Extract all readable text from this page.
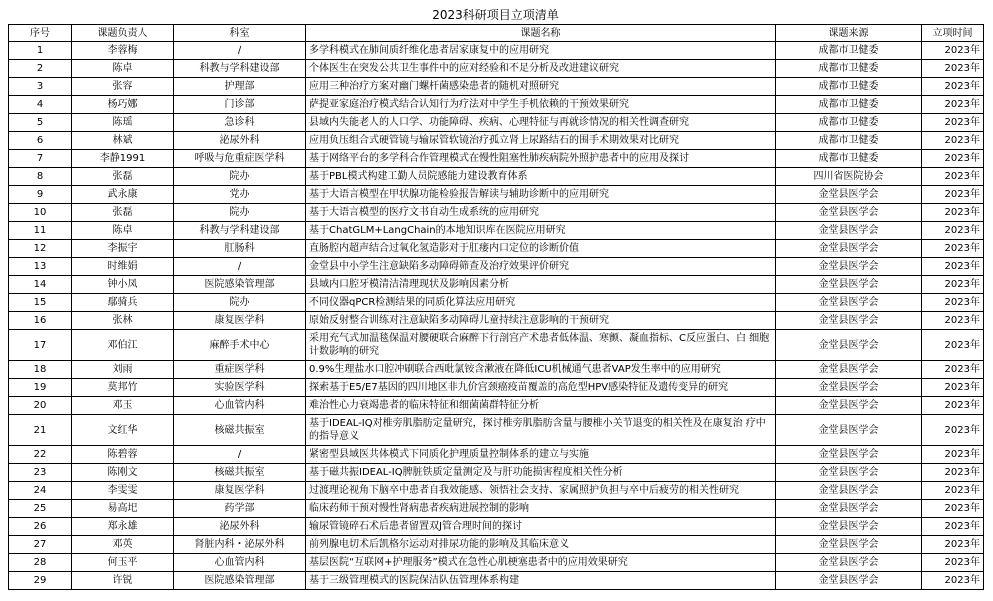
2023科研项目立项清单
序号	课题负责人	科室	课题名称	课题来源	立项时间
1	李蓉梅	/	多学科模式在肺间质纤维化患者居家康复中的应用研究	成都市卫健委	2023年
2	陈卓	科教与学科建设部	个体医生在突发公共卫生事件中的应对经验和不足分析及改进建议研究	成都市卫健委	2023年
3	张容	护理部	应用三种治疗方案对幽门螺杆菌感染患者的随机对照研究	成都市卫健委	2023年
4	杨巧娜	门诊部	萨提亚家庭治疗模式结合认知行为疗法对中学生手机依赖的干预效果研究	成都市卫健委	2023年
5	陈瑶	急诊科	县域内失能老人的人口学、功能障碍、疾病、心理特征与再就诊情况的相关性调查研究	成都市卫健委	2023年
6	林斌	泌尿外科	应用负压组合式硬管镜与输尿管软镜治疗孤立肾上尿路结石的围手术期效果对比研究	成都市卫健委	2023年
7	李静1991	呼吸与危重症医学科	基于网络平台的多学科合作管理模式在慢性阻塞性肺疾病院外照护患者中的应用及探讨	成都市卫健委	2023年
8	张磊	院办	基于PBL模式构建工勤人员院感能力建设教育体系	四川省医院协会	2023年
9	武永康	党办	基于大语言模型在甲状腺功能检验报告解读与辅助诊断中的应用研究	金堂县医学会	2023年
10	张磊	院办	基于大语言模型的医疗文书自动生成系统的应用研究	金堂县医学会	2023年
11	陈卓	科教与学科建设部	基于ChatGLM+LangChain的本地知识库在医院应用研究	金堂县医学会	2023年
12	李振宇	肛肠科	直肠腔内超声结合过氧化氢造影对于肛瘘内口定位的诊断价值	金堂县医学会	2023年
13	时维娟	/	金堂县中小学生注意缺陷多动障碍筛查及治疗效果评价研究	金堂县医学会	2023年
14	钟小凤	医院感染管理部	县域内口腔牙模清洁清理现状及影响因素分析	金堂县医学会	2023年
15	鄢骑兵	院办	不同仪器qPCR检测结果的同质化算法应用研究	金堂县医学会	2023年
16	张林	康复医学科	原始反射整合训练对注意缺陷多动障碍儿童持续注意影响的干预研究	金堂县医学会	2023年
17	邓伯江	麻醉手术中心	采用充气式加温毯保温对腰硬联合麻醉下行剖宫产术患者低体温、寒颤、凝血指标、C反应蛋白、白 细胞计数影响的研究	金堂县医学会	2023年
18	刘雨	重症医学科	0.9%生理盐水口腔冲刷联合西吡氯铵含漱液在降低ICU机械通气患者VAP发生率中的应用研究	金堂县医学会	2023年
19	莫邦竹	实验医学科	探索基于E5/E7基因的四川地区非九价宫颈癌疫苗覆盖的高危型HPV感染特征及遗传变异的研究	金堂县医学会	2023年
20	邓玉	心血管内科	难治性心力衰竭患者的临床特征和细菌菌群特征分析	金堂县医学会	2023年
21	文红华	核磁共振室	基于IDEAL-IQ对椎旁肌脂肪定量研究，探讨椎旁肌脂肪含量与腰椎小关节退变的相关性及在康复治 疗中的指导意义	金堂县医学会	2023年
22	陈碧蓉	/	紧密型县域医共体模式下同质化护理质量控制体系的建立与实施	金堂县医学会	2023年
23	陈刚文	核磁共振室	基于磁共振IDEAL-IQ脾脏铁质定量测定及与肝功能损害程度相关性分析	金堂县医学会	2023年
24	李雯雯	康复医学科	过渡理论视角下脑卒中患者自我效能感、领悟社会支持、家属照护负担与卒中后疲劳的相关性研究	金堂县医学会	2023年
25	易高圯	药学部	临床药师干预对慢性肾病患者疾病进展控制的影响	金堂县医学会	2023年
26	郑永雄	泌尿外科	输尿管镜碎石术后患者留置双J管合理时间的探讨	金堂县医学会	2023年
27	邓英	肾脏内科・泌尿外科	前列腺电切术后凯格尔运动对排尿功能的影响及其临床意义	金堂县医学会	2023年
28	何玉平	心血管内科	基层医院“互联网+护理服务”模式在急性心肌梗塞患者中的应用效果研究	金堂县医学会	2023年
29	许锐	医院感染管理部	基于三级管理模式的医院保洁队伍管理体系构建	金堂县医学会	2023年
